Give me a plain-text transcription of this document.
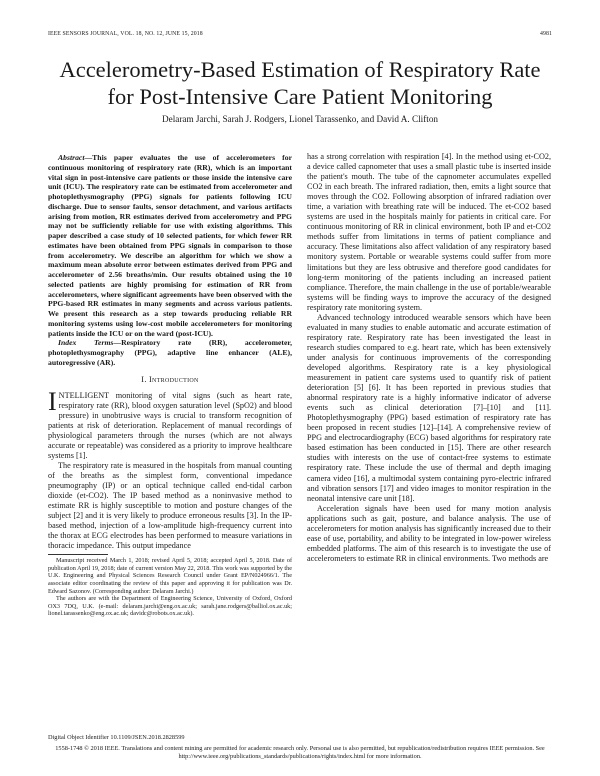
IEEE SENSORS JOURNAL, VOL. 18, NO. 12, JUNE 15, 2018	4981
Accelerometry-Based Estimation of Respiratory Rate for Post-Intensive Care Patient Monitoring
Delaram Jarchi, Sarah J. Rodgers, Lionel Tarassenko, and David A. Clifton

Abstract—This paper evaluates the use of accelerometers for continuous monitoring of respiratory rate (RR), which is an important vital sign in post-intensive care patients or those inside the intensive care unit (ICU). The respiratory rate can be estimated from accelerometer and photoplethysmography (PPG) signals for patients following ICU discharge. Due to sensor faults, sensor detachment, and various artifacts arising from motion, RR estimates derived from accelerometry and PPG may not be sufficiently reliable for use with existing algorithms. This paper described a case study of 10 selected patients, for which fewer RR estimates have been obtained from PPG signals in comparison to those from accelerometry. We describe an algorithm for which we show a maximum mean absolute error between estimates derived from PPG and accelerometer of 2.56 breaths/min. Our results obtained using the 10 selected patients are highly promising for estimation of RR from accelerometers, where significant agreements have been observed with the PPG-based RR estimates in many segments and across various patients. We present this research as a step towards producing reliable RR monitoring systems using low-cost mobile accelerometers for monitoring patients inside the ICU or on the ward (post-ICU).

Index Terms—Respiratory rate (RR), accelerometer, photoplethysmography (PPG), adaptive line enhancer (ALE), autoregressive (AR).

I. Introduction

INTELLIGENT monitoring of vital signs (such as heart rate, respiratory rate (RR), blood oxygen saturation level (SpO2) and blood pressure) in unobtrusive ways is crucial to transform recognition of patients at risk of deterioration. Replacement of manual recordings of physiological parameters through the nurses (which are not always accurate or repeatable) was considered as a priority to improve healthcare systems [1].

The respiratory rate is measured in the hospitals from manual counting of the breaths as the simplest form, conventional impedance pneumography (IP) or an optical technique called end-tidal carbon dioxide (et-CO2). The IP based method as a noninvasive method to estimate RR is highly susceptible to motion and posture changes of the subject [2] and it is very likely to produce erroneous results [3]. In the IP-based method, injection of a low-amplitude high-frequency current into the thorax at ECG electrodes has been performed to measure variations in thoracic impedance. This output impedance

Manuscript received March 1, 2018; revised April 5, 2018; accepted April 5, 2018. Date of publication April 19, 2018; date of current version May 22, 2018. This work was supported by the U.K. Engineering and Physical Sciences Research Council under Grant EP/N024966/1. The associate editor coordinating the review of this paper and approving it for publication was Dr. Edward Sazonov. (Corresponding author: Delaram Jarchi.)

The authors are with the Department of Engineering Science, University of Oxford, Oxford OX3 7DQ, U.K. (e-mail: delaram.jarchi@eng.ox.ac.uk; sarah.jane.rodgers@balliol.ox.ac.uk; lionel.tarassenko@eng.ox.ac.uk; davidc@robots.ox.ac.uk).

has a strong correlation with respiration [4]. In the method using et-CO2, a device called capnometer that uses a small plastic tube is inserted inside the patient's mouth. The tube of the capnometer accumulates expelled CO2 in each breath. The infrared radiation, then, emits a light source that moves through the CO2. Following absorption of infrared radiation over time, a variation with breathing rate will be induced. The et-CO2 based systems are used in the hospitals mainly for patients in critical care. For continuous monitoring of RR in clinical environment, both IP and et-CO2 methods suffer from limitations in terms of patient compliance and accuracy. These limitations also affect validation of any respiratory based monitory system. Portable or wearable systems could suffer from more limitations but they are less obtrusive and therefore good candidates for long-term monitoring of the patients including an increased patient compliance. Therefore, the main challenge in the use of portable/wearable systems will be finding ways to improve the accuracy of the designed respiratory rate monitoring system.

Advanced technology introduced wearable sensors which have been evaluated in many studies to enable automatic and accurate estimation of respiratory rate. Respiratory rate has been investigated the least in research studies compared to e.g. heart rate, which has been extensively under analysis for continuous improvements of the corresponding developed algorithms. Respiratory rate is a key physiological measurement in patient care systems used to quantify risk of patient deterioration [5] [6]. It has been reported in previous studies that abnormal respiratory rate is a highly informative indicator of adverse events such as clinical deterioration [7]–[10] and [11]. Photoplethysmography (PPG) based estimation of respiratory rate has been proposed in recent studies [12]–[14]. A comprehensive review of PPG and electrocardiography (ECG) based algorithms for respiratory rate based estimation has been conducted in [15]. There are other research studies with interests on the use of contact-free systems to estimate respiratory rate. These include the use of thermal and depth imaging camera video [16], a multimodal system containing pyro-electric infrared and vibration sensors [17] and video images to monitor respiration in the neonatal intensive care unit [18].

Acceleration signals have been used for many motion analysis applications such as gait, posture, and balance analysis. The use of accelerometers for motion analysis has significantly increased due to their ease of use, portability, and ability to be integrated in low-power wireless embedded platforms. The aim of this research is to investigate the use of accelerometers to estimate RR in clinical environments. Two methods are

Digital Object Identifier 10.1109/JSEN.2018.2828599
1558-1748 © 2018 IEEE. Translations and content mining are permitted for academic research only. Personal use is also permitted, but republication/redistribution requires IEEE permission. See http://www.ieee.org/publications_standards/publications/rights/index.html for more information.
